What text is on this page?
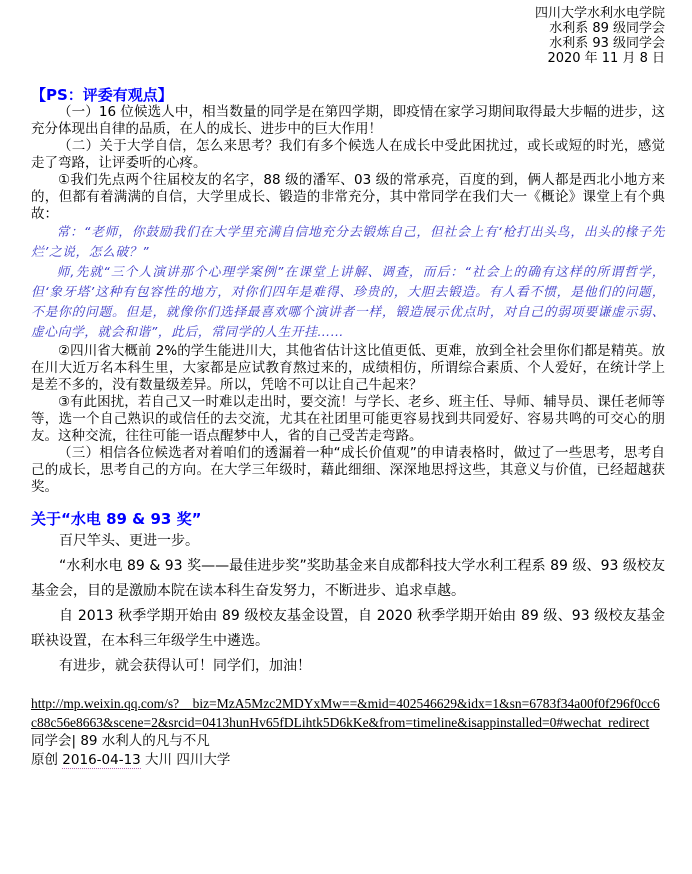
四川大学水利水电学院
水利系 89 级同学会
水利系 93 级同学会
2020 年 11 月 8 日
【PS：评委有观点】

（一）16 位候选人中，相当数量的同学是在第四学期，即疫情在家学习期间取得最大步幅的进步，这充分体现出自律的品质，在人的成长、进步中的巨大作用！

（二）关于大学自信，怎么来思考？我们有多个候选人在成长中受此困扰过，或长或短的时光，感觉走了弯路，让评委听的心疼。

①我们先点两个往届校友的名字，88 级的潘军、03 级的常承亮，百度的到，俩人都是西北小地方来的，但都有着满满的自信，大学里成长、锻造的非常充分，其中常同学在我们大一《概论》课堂上有个典故：

常：“老师，你鼓励我们在大学里充满自信地充分去锻炼自己，但社会上有‘枪打出头鸟，出头的椽子先烂’之说，怎么破？”

师,先就“三个人演讲那个心理学案例”在课堂上讲解、调查，而后：“社会上的确有这样的所谓哲学，但‘象牙塔’这种有包容性的地方，对你们四年是难得、珍贵的，大胆去锻造。有人看不惯，是他们的问题，不是你的问题。但是，就像你们选择最喜欢哪个演讲者一样，锻造展示优点时，对自己的弱项要谦虚示弱、虚心向学，就会和谐”，此后，常同学的人生开挂……

②四川省大概前 2%的学生能进川大，其他省估计这比值更低、更难，放到全社会里你们都是精英。放在川大近万名本科生里，大家都是应试教育熬过来的，成绩相仿，所谓综合素质、个人爱好，在统计学上是差不多的，没有数量级差异。所以，凭啥不可以让自己牛起来？

③有此困扰，若自己又一时难以走出时，要交流！与学长、老乡、班主任、导师、辅导员、课任老师等等，选一个自己熟识的或信任的去交流，尤其在社团里可能更容易找到共同爱好、容易共鸣的可交心的朋友。这种交流，往往可能一语点醒梦中人，省的自己受苦走弯路。

（三）相信各位候选者对着咱们的透漏着一种“成长价值观”的申请表格时，做过了一些思考，思考自己的成长，思考自己的方向。在大学三年级时，藉此细细、深深地思捋这些，其意义与价值，已经超越获奖。

关于“水电 89 & 93 奖”

百尺竿头、更进一步。

“水利水电 89 & 93 奖——最佳进步奖”奖助基金来自成都科技大学水利工程系 89 级、93 级校友基金会，目的是激励本院在读本科生奋发努力，不断进步、追求卓越。

自 2013 秋季学期开始由 89 级校友基金设置，自 2020 秋季学期开始由 89 级、93 级校友基金联袂设置，在本科三年级学生中遴选。

有进步，就会获得认可！同学们，加油！

http://mp.weixin.qq.com/s?__biz=MzA5Mzc2MDYxMw==&mid=402546629&idx=1&sn=6783f34a00f0f296f0cc6c88c56e8663&scene=2&srcid=0413hunHv65fDLihtk5D6kKe&from=timeline&isappinstalled=0#wechat_redirect

同学会| 89 水利人的凡与不凡

原创 2016-04-13 大川 四川大学
